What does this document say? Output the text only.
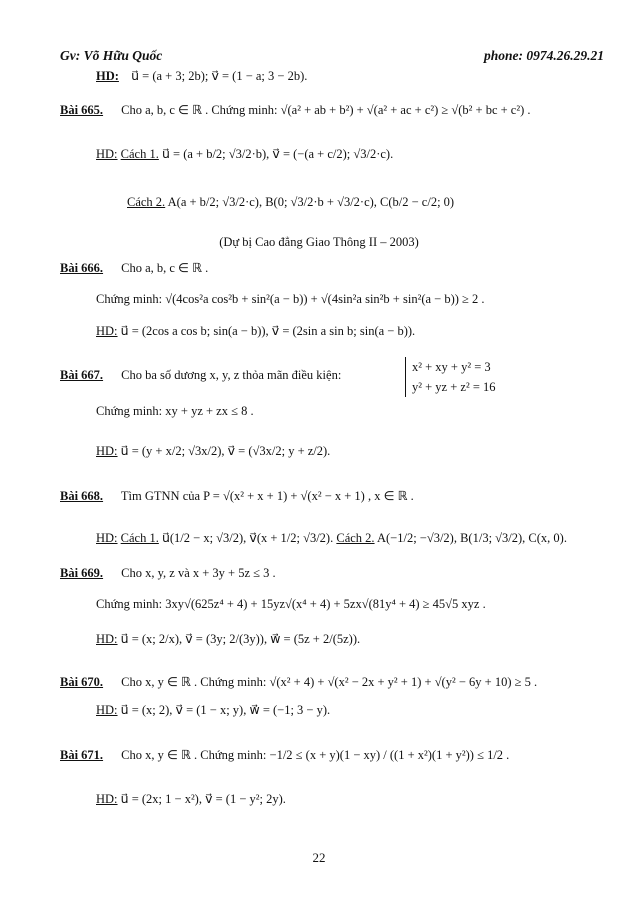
Gv: Võ Hữu Quốc	phone: 0974.26.29.21
HD: u⃗ = (a + 3; 2b); v⃗ = (1 − a; 3 − 2b).
Bài 665. Cho a, b, c ∈ ℝ . Chứng minh: √(a² + ab + b²) + √(a² + ac + c²) ≥ √(b² + bc + c²) .
HD: Cách 1. u⃗ = (a + b/2; √3/2·b), v⃗ = (−(a + c/2); √3/2·c).
Cách 2. A(a + b/2; √3/2·c), B(0; √3/2·b + √3/2·c), C(b/2 − c/2; 0)
(Dự bị Cao đẳng Giao Thông II – 2003)
Bài 666. Cho a, b, c ∈ ℝ .
Chứng minh: √(4cos²a cos²b + sin²(a − b)) + √(4sin²a sin²b + sin²(a − b)) ≥ 2 .
HD: u⃗ = (2cos a cos b; sin(a − b)), v⃗ = (2sin a sin b; sin(a − b)).
Bài 667. Cho ba số dương x, y, z thỏa mãn điều kiện:
x² + xy + y² = 3
y² + yz + z² = 16
Chứng minh: xy + yz + zx ≤ 8 .
HD: u⃗ = (y + x/2; √3x/2), v⃗ = (√3x/2; y + z/2).
Bài 668. Tìm GTNN của P = √(x² + x + 1) + √(x² − x + 1) , x ∈ ℝ .
HD: Cách 1. u⃗(1/2 − x; √3/2), v⃗(x + 1/2; √3/2). Cách 2. A(−1/2; −√3/2), B(1/3; √3/2), C(x, 0).
Bài 669. Cho x, y, z và x + 3y + 5z ≤ 3 .
Chứng minh: 3xy√(625z⁴ + 4) + 15yz√(x⁴ + 4) + 5zx√(81y⁴ + 4) ≥ 45√5 xyz .
HD: u⃗ = (x; 2/x), v⃗ = (3y; 2/(3y)), w⃗ = (5z + 2/(5z)).
Bài 670. Cho x, y ∈ ℝ . Chứng minh: √(x² + 4) + √(x² − 2x + y² + 1) + √(y² − 6y + 10) ≥ 5 .
HD: u⃗ = (x; 2), v⃗ = (1 − x; y), w⃗ = (−1; 3 − y).
Bài 671. Cho x, y ∈ ℝ . Chứng minh: −1/2 ≤ (x + y)(1 − xy) / ((1 + x²)(1 + y²)) ≤ 1/2 .
HD: u⃗ = (2x; 1 − x²), v⃗ = (1 − y²; 2y).
22
